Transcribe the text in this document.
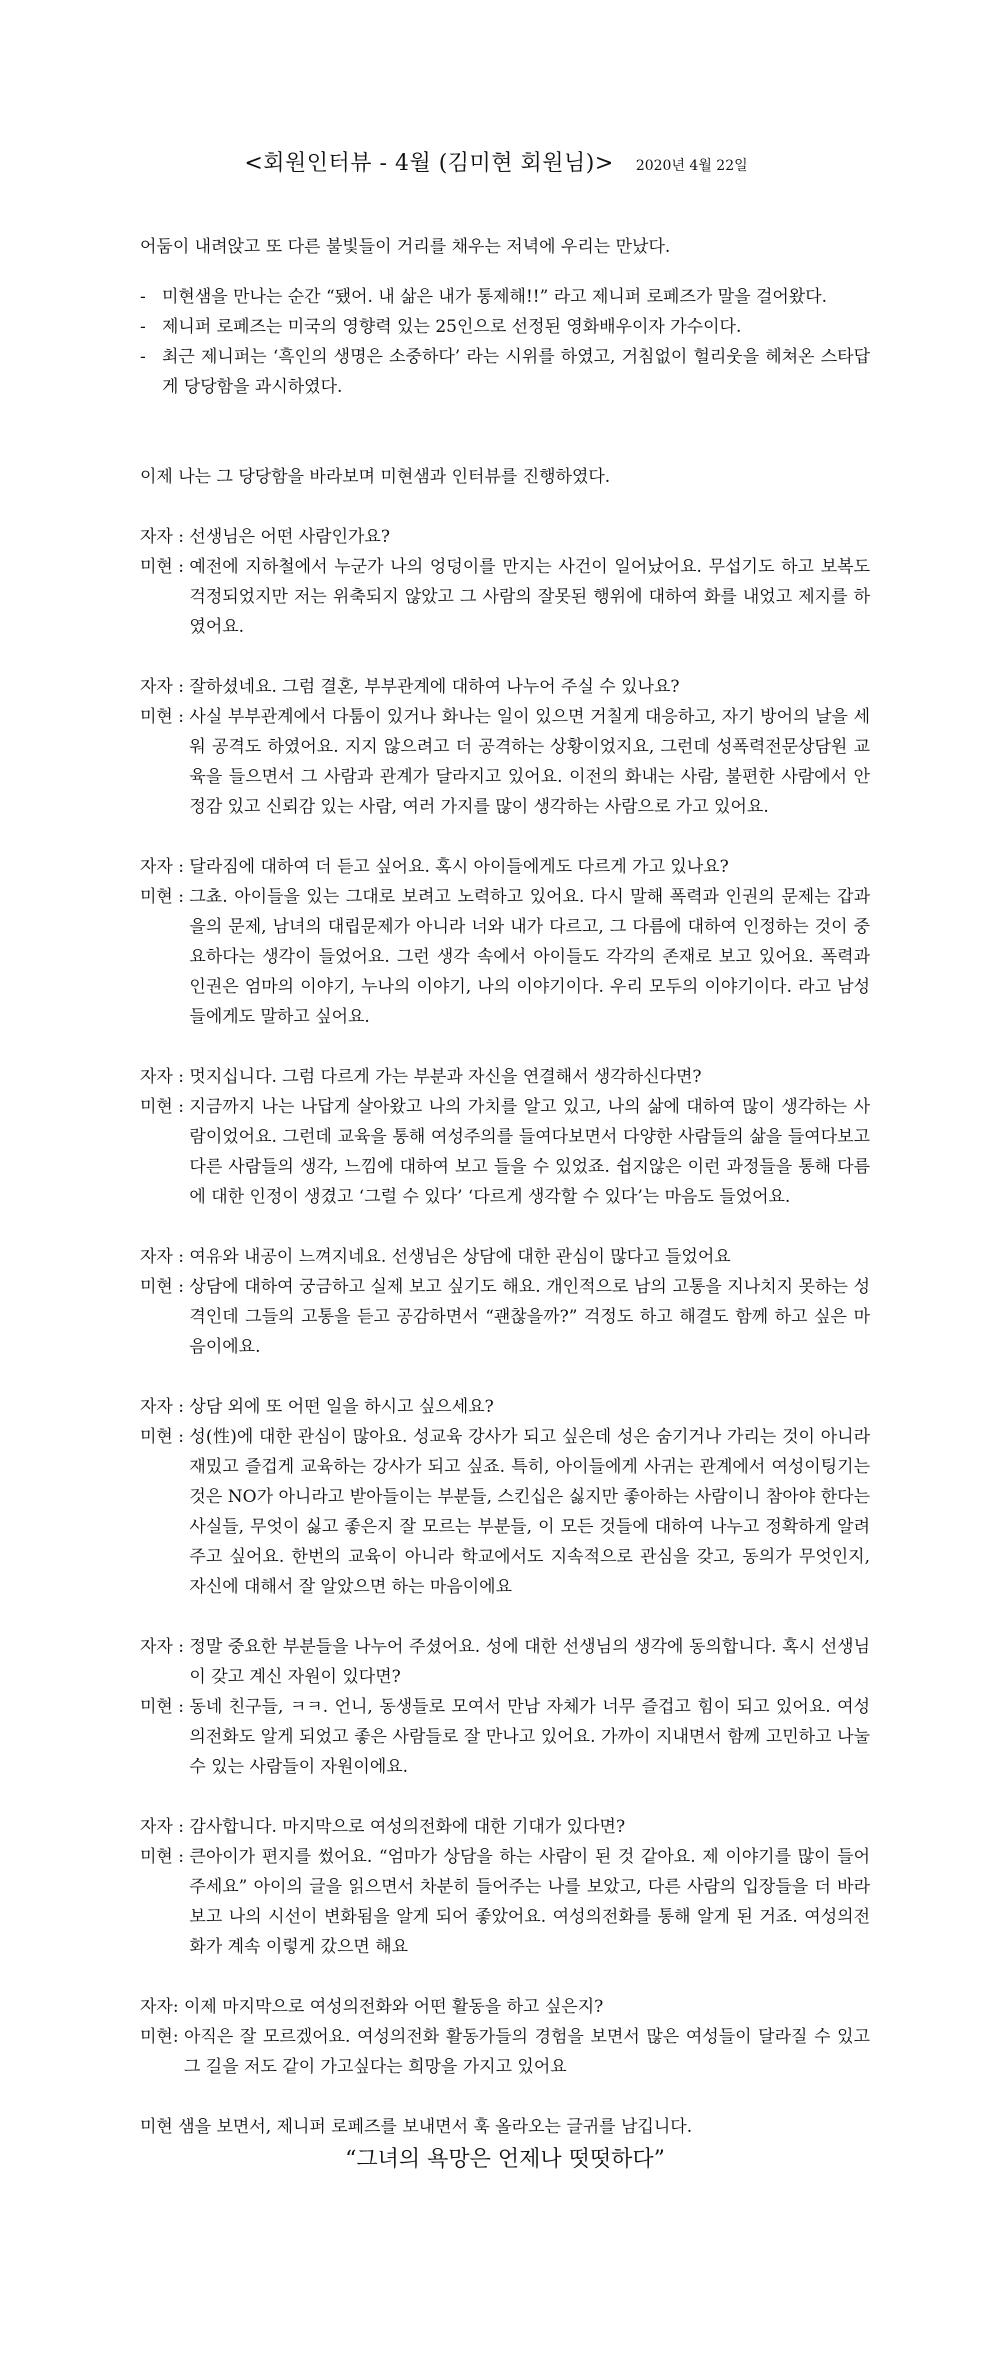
<회원인터뷰 - 4월 (김미현 회원님)> 2020년 4월 22일

어둠이 내려앉고 또 다른 불빛들이 거리를 채우는 저녁에 우리는 만났다.

- 미현샘을 만나는 순간 “됐어. 내 삶은 내가 통제해!!” 라고 제니퍼 로페즈가 말을 걸어왔다.
- 제니퍼 로페즈는 미국의 영향력 있는 25인으로 선정된 영화배우이자 가수이다.
- 최근 제니퍼는 ‘흑인의 생명은 소중하다’ 라는 시위를 하였고, 거침없이 헐리웃을 헤쳐온 스타답게 당당함을 과시하였다.

이제 나는 그 당당함을 바라보며 미현샘과 인터뷰를 진행하였다.

자자 : 선생님은 어떤 사람인가요?
미현 : 예전에 지하철에서 누군가 나의 엉덩이를 만지는 사건이 일어났어요. 무섭기도 하고 보복도 걱정되었지만 저는 위축되지 않았고 그 사람의 잘못된 행위에 대하여 화를 내었고 제지를 하였어요.
자자 : 잘하셨네요. 그럼 결혼, 부부관계에 대하여 나누어 주실 수 있나요?
미현 : 사실 부부관계에서 다툼이 있거나 화나는 일이 있으면 거칠게 대응하고, 자기 방어의 날을 세워 공격도 하였어요. 지지 않으려고 더 공격하는 상황이었지요, 그런데 성폭력전문상담원 교육을 들으면서 그 사람과 관계가 달라지고 있어요. 이전의 화내는 사람, 불편한 사람에서 안정감 있고 신뢰감 있는 사람, 여러 가지를 많이 생각하는 사람으로 가고 있어요.
자자 : 달라짐에 대하여 더 듣고 싶어요. 혹시 아이들에게도 다르게 가고 있나요?
미현 : 그쵸. 아이들을 있는 그대로 보려고 노력하고 있어요. 다시 말해 폭력과 인권의 문제는 갑과 을의 문제, 남녀의 대립문제가 아니라 너와 내가 다르고, 그 다름에 대하여 인정하는 것이 중요하다는 생각이 들었어요. 그런 생각 속에서 아이들도 각각의 존재로 보고 있어요. 폭력과 인권은 엄마의 이야기, 누나의 이야기, 나의 이야기이다. 우리 모두의 이야기이다. 라고 남성들에게도 말하고 싶어요.
자자 : 멋지십니다. 그럼 다르게 가는 부분과 자신을 연결해서 생각하신다면?
미현 : 지금까지 나는 나답게 살아왔고 나의 가치를 알고 있고, 나의 삶에 대하여 많이 생각하는 사람이었어요. 그런데 교육을 통해 여성주의를 들여다보면서 다양한 사람들의 삶을 들여다보고 다른 사람들의 생각, 느낌에 대하여 보고 들을 수 있었죠. 쉽지않은 이런 과정들을 통해 다름에 대한 인정이 생겼고 ‘그럴 수 있다’ ‘다르게 생각할 수 있다’는 마음도 들었어요.
자자 : 여유와 내공이 느껴지네요. 선생님은 상담에 대한 관심이 많다고 들었어요
미현 : 상담에 대하여 궁금하고 실제 보고 싶기도 해요. 개인적으로 남의 고통을 지나치지 못하는 성격인데 그들의 고통을 듣고 공감하면서 “괜찮을까?” 걱정도 하고 해결도 함께 하고 싶은 마음이에요.
자자 : 상담 외에 또 어떤 일을 하시고 싶으세요?
미현 : 성(性)에 대한 관심이 많아요. 성교육 강사가 되고 싶은데 성은 숨기거나 가리는 것이 아니라 재밌고 즐겁게 교육하는 강사가 되고 싶죠. 특히, 아이들에게 사귀는 관계에서 여성이팅기는 것은 NO가 아니라고 받아들이는 부분들, 스킨십은 싫지만 좋아하는 사람이니 참아야 한다는 사실들, 무엇이 싫고 좋은지 잘 모르는 부분들, 이 모든 것들에 대하여 나누고 정확하게 알려주고 싶어요. 한번의 교육이 아니라 학교에서도 지속적으로 관심을 갖고, 동의가 무엇인지, 자신에 대해서 잘 알았으면 하는 마음이에요
자자 : 정말 중요한 부분들을 나누어 주셨어요. 성에 대한 선생님의 생각에 동의합니다. 혹시 선생님이 갖고 계신 자원이 있다면?
미현 : 동네 친구들, ㅋㅋ. 언니, 동생들로 모여서 만남 자체가 너무 즐겁고 힘이 되고 있어요. 여성의전화도 알게 되었고 좋은 사람들로 잘 만나고 있어요. 가까이 지내면서 함께 고민하고 나눌 수 있는 사람들이 자원이에요.
자자 : 감사합니다. 마지막으로 여성의전화에 대한 기대가 있다면?
미현 : 큰아이가 편지를 썼어요. “엄마가 상담을 하는 사람이 된 것 같아요. 제 이야기를 많이 들어주세요” 아이의 글을 읽으면서 차분히 들어주는 나를 보았고, 다른 사람의 입장들을 더 바라보고 나의 시선이 변화됨을 알게 되어 좋았어요. 여성의전화를 통해 알게 된 거죠. 여성의전화가 계속 이렇게 갔으면 해요
자자: 이제 마지막으로 여성의전화와 어떤 활동을 하고 싶은지?
미현: 아직은 잘 모르겠어요. 여성의전화 활동가들의 경험을 보면서 많은 여성들이 달라질 수 있고 그 길을 저도 같이 가고싶다는 희망을 가지고 있어요

미현 샘을 보면서, 제니퍼 로페즈를 보내면서 훅 올라오는 글귀를 남깁니다.

“그녀의 욕망은 언제나 떳떳하다”
